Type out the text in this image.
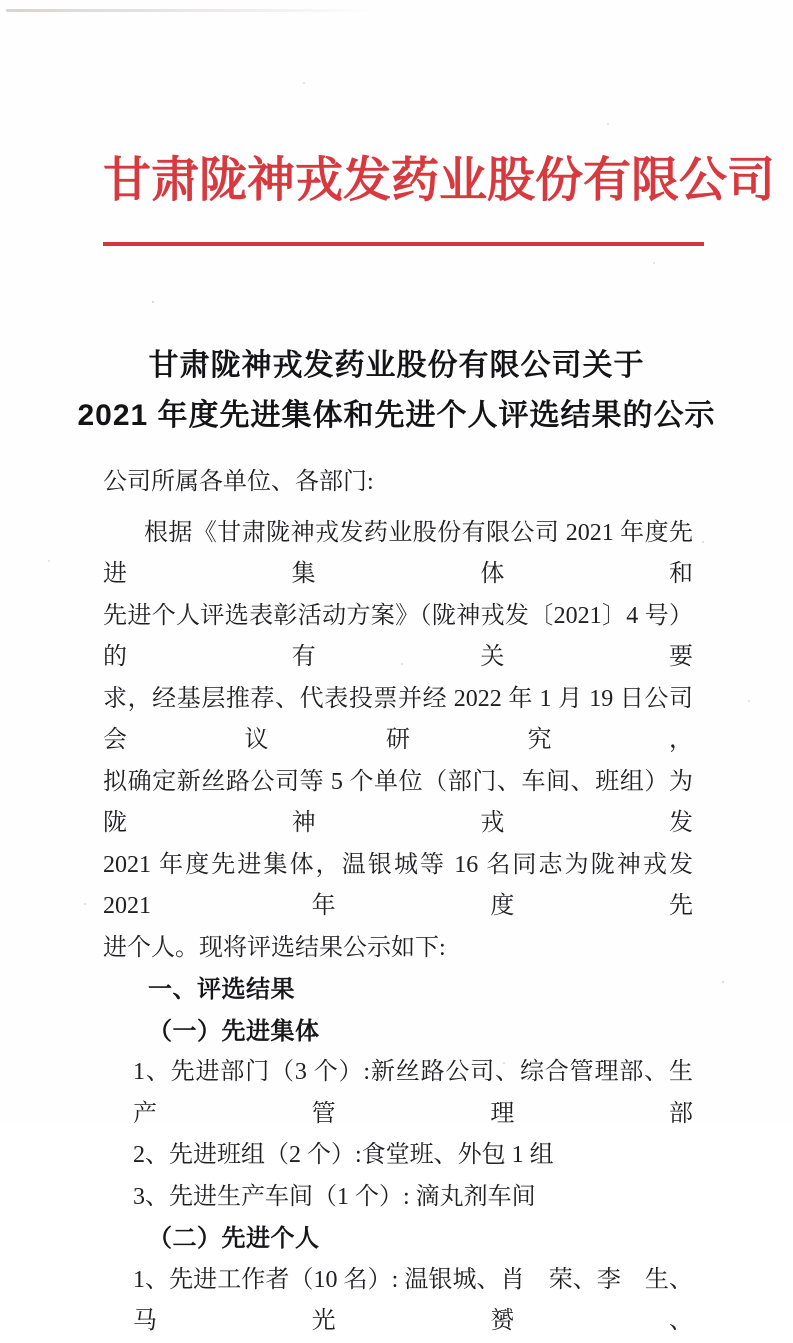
甘肃陇神戎发药业股份有限公司
甘肃陇神戎发药业股份有限公司关于
2021 年度先进集体和先进个人评选结果的公示
公司所属各单位、各部门:
根据《甘肃陇神戎发药业股份有限公司 2021 年度先进集体和
先进个人评选表彰活动方案》（陇神戎发〔2021〕4 号）的有关要
求，经基层推荐、代表投票并经 2022 年 1 月 19 日公司会议研究，
拟确定新丝路公司等 5 个单位（部门、车间、班组）为陇神戎发
2021 年度先进集体，温银城等 16 名同志为陇神戎发 2021 年度先
进个人。现将评选结果公示如下:
一、评选结果
（一）先进集体
1、先进部门（3 个）:新丝路公司、综合管理部、生产管理部
2、先进班组（2 个）:食堂班、外包 1 组
3、先进生产车间（1 个）: 滴丸剂车间
（二）先进个人
1、先进工作者（10 名）: 温银城、肖　荣、李　生、马光赟、
